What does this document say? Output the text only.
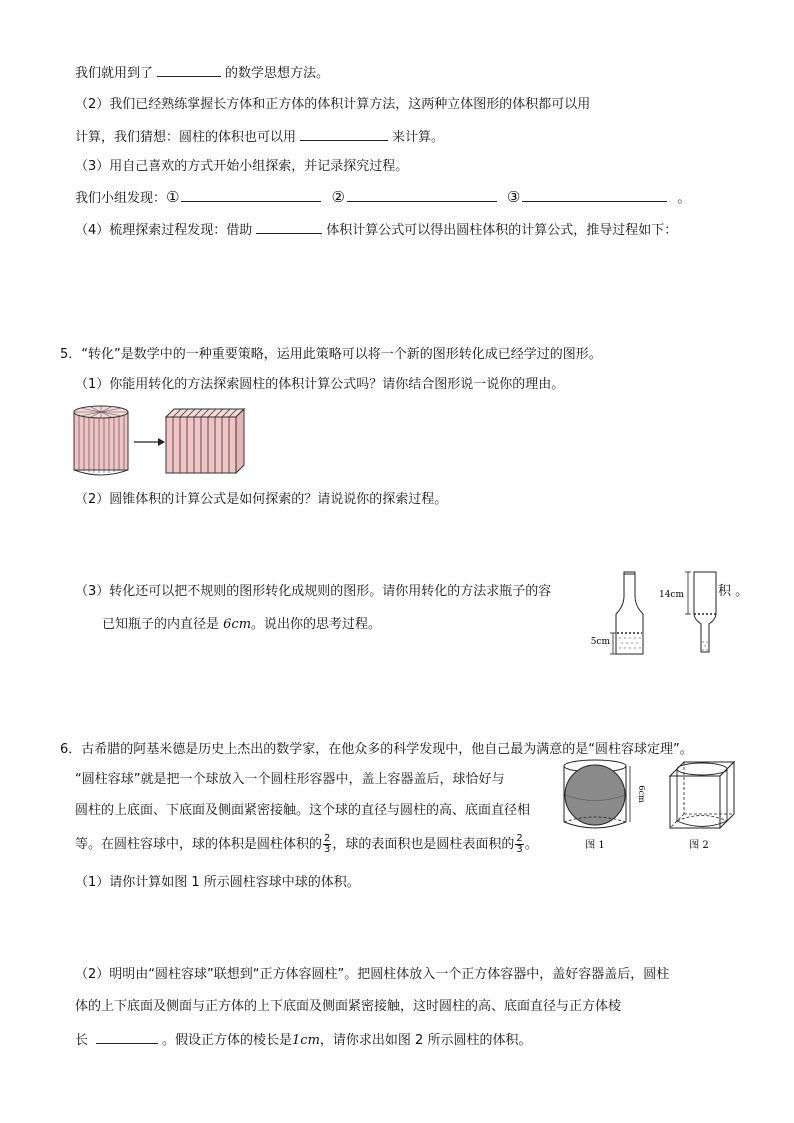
我们就用到了	的数学思想方法。
（2）我们已经熟练掌握长方体和正方体的体积计算方法，这两种立体图形的体积都可以用
计算，我们猜想：圆柱的体积也可以用	来计算。
（3）用自己喜欢的方式开始小组探索，并记录探究过程。
我们小组发现：①	②	③	。
（4）梳理探索过程发现：借助	体积计算公式可以得出圆柱体积的计算公式，推导过程如下：
5．“转化”是数学中的一种重要策略，运用此策略可以将一个新的图形转化成已经学过的图形。
（1）你能用转化的方法探索圆柱的体积计算公式吗？请你结合图形说一说你的理由。
（2）圆锥体积的计算公式是如何探索的？请说说你的探索过程。
（3）转化还可以把不规则的图形转化成规则的图形。请你用转化的方法求瓶子的容	积 。
已知瓶子的内直径是 6cm。说出你的思考过程。
5cm
14cm
6．古希腊的阿基米德是历史上杰出的数学家，在他众多的科学发现中，他自己最为满意的是“圆柱容球定理”。
“圆柱容球”就是把一个球放入一个圆柱形容器中，盖上容器盖后，球恰好与
圆柱的上底面、下底面及侧面紧密接触。这个球的直径与圆柱的高、底面直径相
等。在圆柱容球中，球的体积是圆柱体积的 $\frac{2}{3}$ ，球的表面积也是圆柱表面积的 $\frac{2}{3}$ 。
6cm
图 1	图 2
（1）请你计算如图 1 所示圆柱容球中球的体积。
（2）明明由“圆柱容球”联想到“正方体容圆柱”。把圆柱体放入一个正方体容器中，盖好容器盖后，圆柱
体的上下底面及侧面与正方体的上下底面及侧面紧密接触，这时圆柱的高、底面直径与正方体棱
长	。假设正方体的棱长是1cm，请你求出如图 2 所示圆柱的体积。
